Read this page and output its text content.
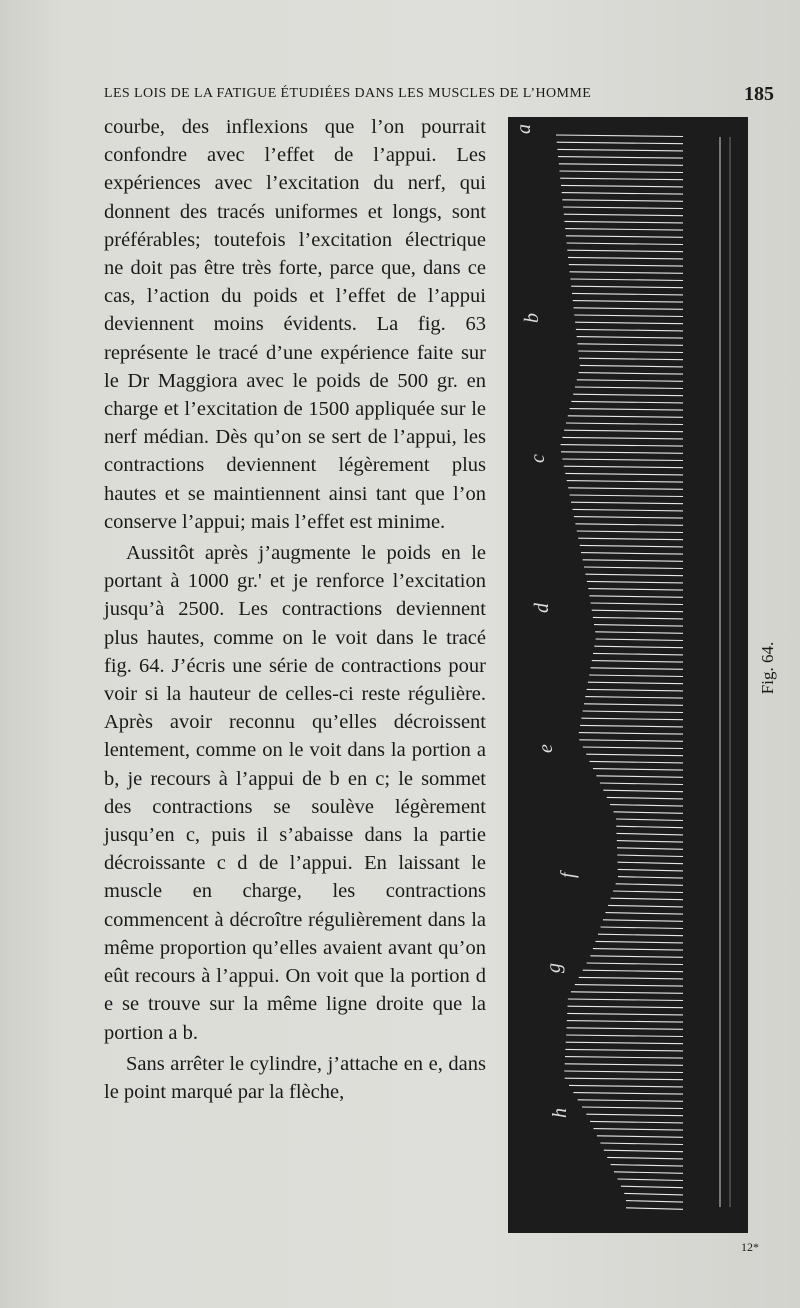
LES LOIS DE LA FATIGUE ÉTUDIÉES DANS LES MUSCLES DE L’HOMME	185

courbe, des inflexions que l’on pourrait confondre avec l’effet de l’appui. Les expériences avec l’excitation du nerf, qui donnent des tracés uniformes et longs, sont préférables; toutefois l’excitation électrique ne doit pas être très forte, parce que, dans ce cas, l’action du poids et l’effet de l’appui deviennent moins évidents. La fig. 63 représente le tracé d’une expérience faite sur le Dr Maggiora avec le poids de 500 gr. en charge et l’excitation de 1500 appliquée sur le nerf médian. Dès qu’on se sert de l’appui, les contractions deviennent légèrement plus hautes et se maintiennent ainsi tant que l’on conserve l’appui; mais l’effet est minime.

Aussitôt après j’augmente le poids en le portant à 1000 gr.' et je renforce l’excitation jusqu’à 2500. Les contractions deviennent plus hautes, comme on le voit dans le tracé fig. 64. J’écris une série de contractions pour voir si la hauteur de celles-ci reste régulière. Après avoir reconnu qu’elles décroissent lentement, comme on le voit dans la portion a b, je recours à l’appui de b en c; le sommet des contractions se soulève légèrement jusqu’en c, puis il s’abaisse dans la partie décroissante c d de l’appui. En laissant le muscle en charge, les contractions commencent à décroître régulièrement dans la même proportion qu’elles avaient avant qu’on eût recours à l’appui. On voit que la portion d e se trouve sur la même ligne droite que la portion a b.

Sans arrêter le cylindre, j’attache en e, dans le point marqué par la flèche,

a
b
c
d
e
f
g
h
Fig. 64.
12*
